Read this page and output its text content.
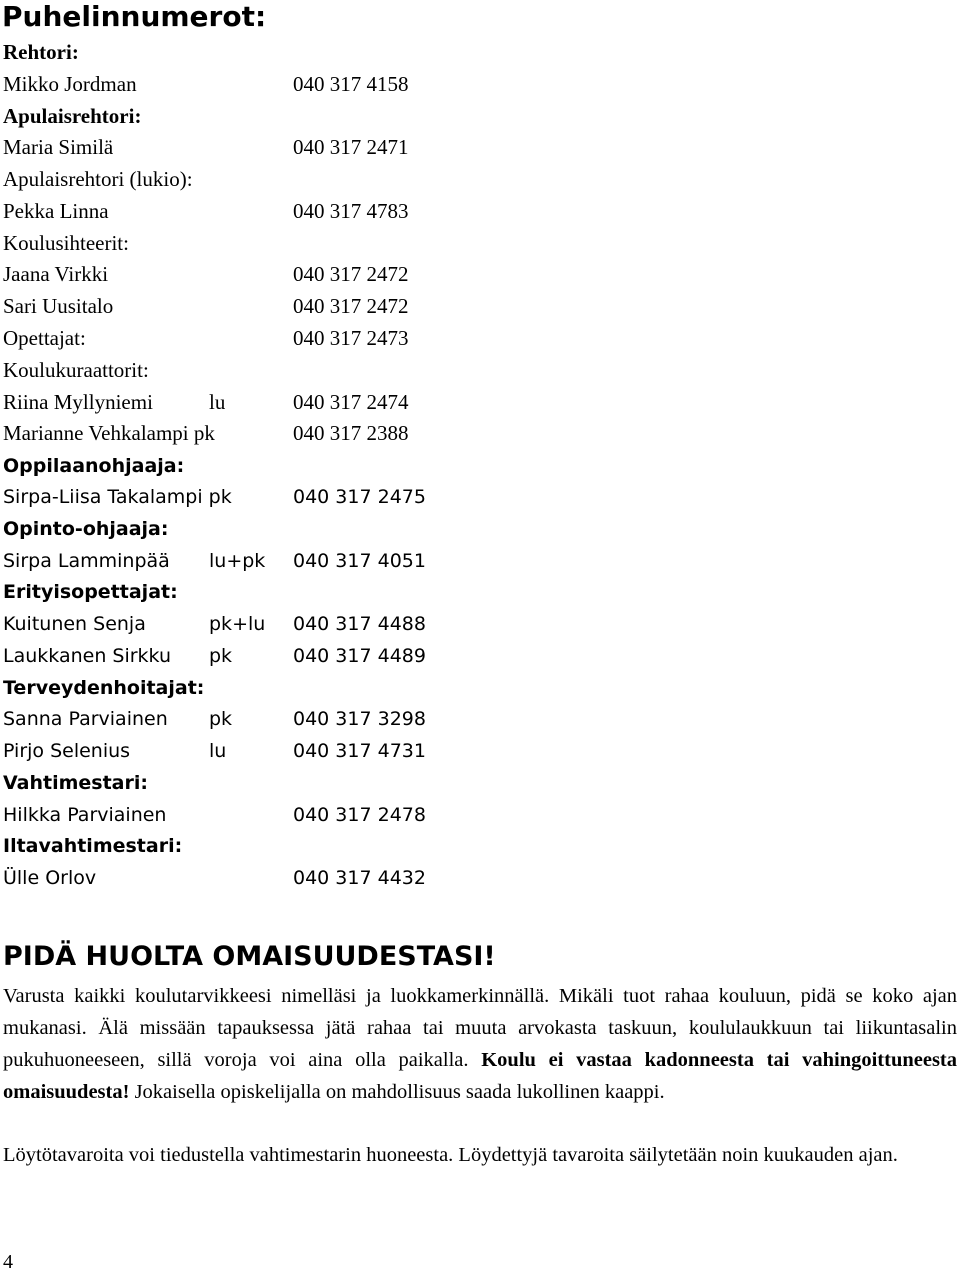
Puhelinnumerot:
Rehtori:
Mikko Jordman	040 317 4158
Apulaisrehtori:
Maria Similä	040 317 2471
Apulaisrehtori (lukio):
Pekka Linna	040 317 4783
Koulusihteerit:
Jaana Virkki	040 317 2472
Sari Uusitalo	040 317 2472
Opettajat:	040 317 2473
Koulukuraattorit:
Riina Myllyniemi	lu	040 317 2474
Marianne Vehkalampi pk	040 317 2388
Oppilaanohjaaja:
Sirpa-Liisa Takalampi pk	040 317 2475
Opinto-ohjaaja:
Sirpa Lamminpää lu+pk 040 317 4051
Erityisopettajat:
Kuitunen Senja	pk+lu 040 317 4488
Laukkanen Sirkku pk	040 317 4489
Terveydenhoitajat:
Sanna Parviainen pk	040 317 3298
Pirjo Selenius	lu	040 317 4731
Vahtimestari:
Hilkka Parviainen	040 317 2478
Iltavahtimestari:
Ülle Orlov	040 317 4432
PIDÄ HUOLTA OMAISUUDESTASI!

Varusta kaikki koulutarvikkeesi nimelläsi ja luokkamerkinnällä. Mikäli tuot rahaa kouluun, pidä se koko ajan mukanasi. Älä missään tapauksessa jätä rahaa tai muuta arvokasta taskuun, koululaukkuun tai liikuntasalin pukuhuoneeseen, sillä voroja voi aina olla paikalla. Koulu ei vastaa kadonneesta tai vahingoittuneesta omaisuudesta! Jokaisella opiskelijalla on mahdollisuus saada lukollinen kaappi.

Löytötavaroita voi tiedustella vahtimestarin huoneesta. Löydettyjä tavaroita säilytetään noin kuukauden ajan.

4
